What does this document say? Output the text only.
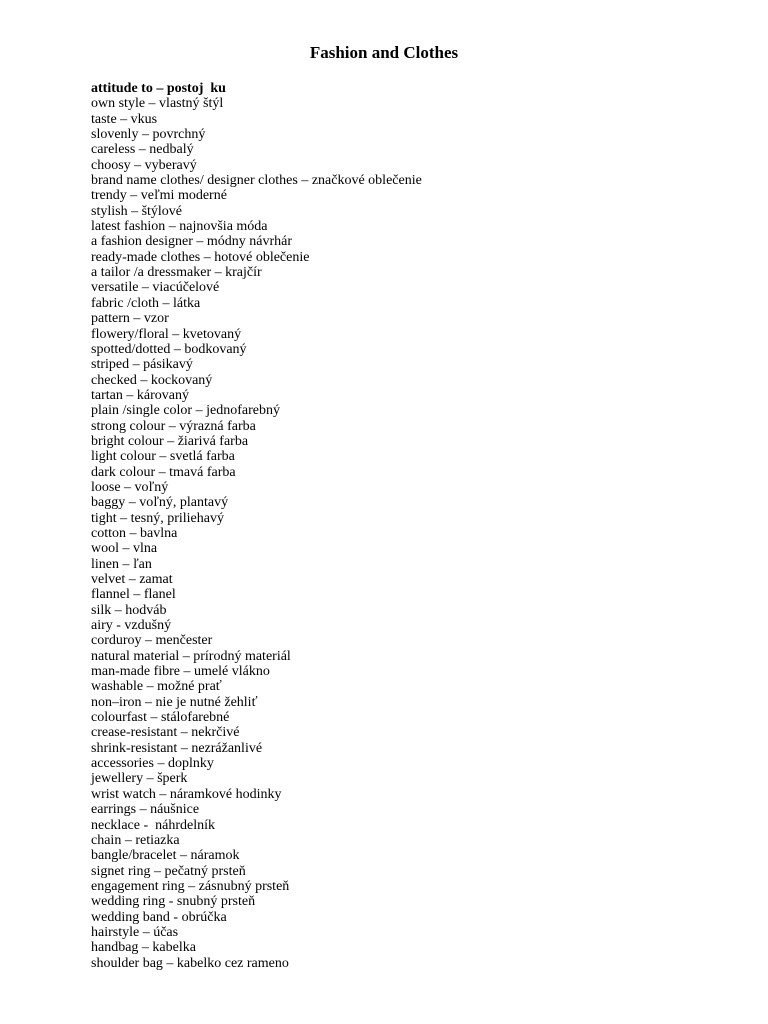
Fashion and Clothes
attitude to – postoj  ku
own style – vlastný štýl
taste – vkus
slovenly – povrchný
careless – nedbalý
choosy – vyberavý
brand name clothes/ designer clothes – značkové oblečenie
trendy – veľmi moderné
stylish – štýlové
latest fashion – najnovšia móda
a fashion designer – módny návrhár
ready-made clothes – hotové oblečenie
a tailor /a dressmaker – krajčír
versatile – viacúčelové
fabric /cloth – látka
pattern – vzor
flowery/floral – kvetovaný
spotted/dotted – bodkovaný
striped – pásikavý
checked – kockovaný
tartan – károvaný
plain /single color – jednofarebný
strong colour – výrazná farba
bright colour – žiarivá farba
light colour – svetlá farba
dark colour – tmavá farba
loose – voľný
baggy – voľný, plantavý
tight – tesný, priliehavý
cotton – bavlna
wool – vlna
linen – ľan
velvet – zamat
flannel – flanel
silk – hodváb
airy - vzdušný
corduroy – menčester
natural material – prírodný materiál
man-made fibre – umelé vlákno
washable – možné prať
non–iron – nie je nutné žehliť
colourfast – stálofarebné
crease-resistant – nekrčivé
shrink-resistant – nezrážanlivé
accessories – doplnky
jewellery – šperk
wrist watch – náramkové hodinky
earrings – náušnice
necklace -  náhrdelník
chain – retiazka
bangle/bracelet – náramok
signet ring – pečatný prsteň
engagement ring – zásnubný prsteň
wedding ring - snubný prsteň
wedding band - obrúčka
hairstyle – účas
handbag – kabelka
shoulder bag – kabelko cez rameno
